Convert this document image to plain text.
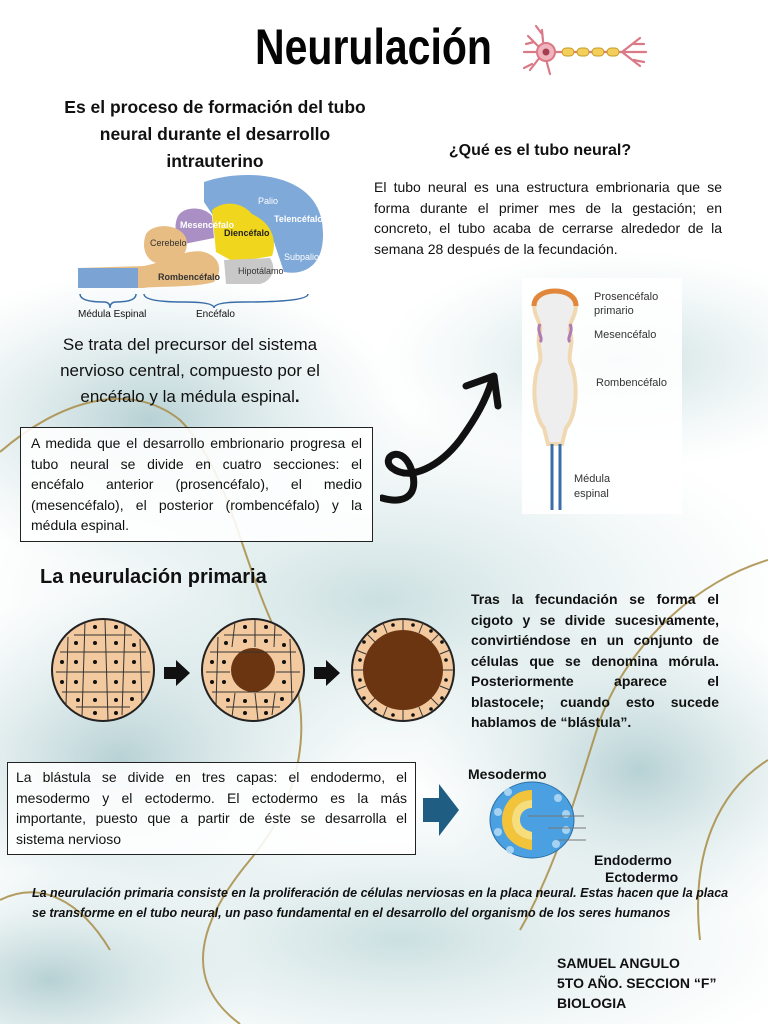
Neurulación
Es el proceso de formación del tubo neural durante el desarrollo intrauterino
Mesencéfalo
Diencéfalo
Telencéfalo
Palio
Subpalio
Cerebelo
Rombencéfalo
Hipotálamo
Médula Espinal	Encéfalo
¿Qué es el tubo neural?
El tubo neural es una estructura embrionaria que se forma durante el primer mes de la gestación; en concreto, el tubo acaba de cerrarse alrededor de la semana 28 después de la fecundación.
Se trata del precursor del sistema nervioso central, compuesto por el encéfalo y la médula espinal.
A medida que el desarrollo embrionario progresa el tubo neural se divide en cuatro secciones: el encéfalo anterior (prosencéfalo), el medio (mesencéfalo), el posterior (rombencéfalo) y la médula espinal.
Prosencéfalo
primario
Mesencéfalo
Rombencéfalo
Médula
espinal
La neurulación primaria
Tras la fecundación se forma el cigoto y se divide sucesivamente, convirtiéndose en un conjunto de células que se denomina mórula. Posteriormente aparece el blastocele; cuando esto sucede hablamos de “blástula”.
La blástula se divide en tres capas: el endodermo, el mesodermo y el ectodermo. El ectodermo es la más importante, puesto que a partir de éste se desarrolla el sistema nervioso
Mesodermo
Endodermo
Ectodermo
La neurulación primaria consiste en la proliferación de células nerviosas en la placa neural. Estas hacen que la placa se transforme en el tubo neural, un paso fundamental en el desarrollo del organismo de los seres humanos
SAMUEL ANGULO
5TO AÑO. SECCION “F”
BIOLOGIA
